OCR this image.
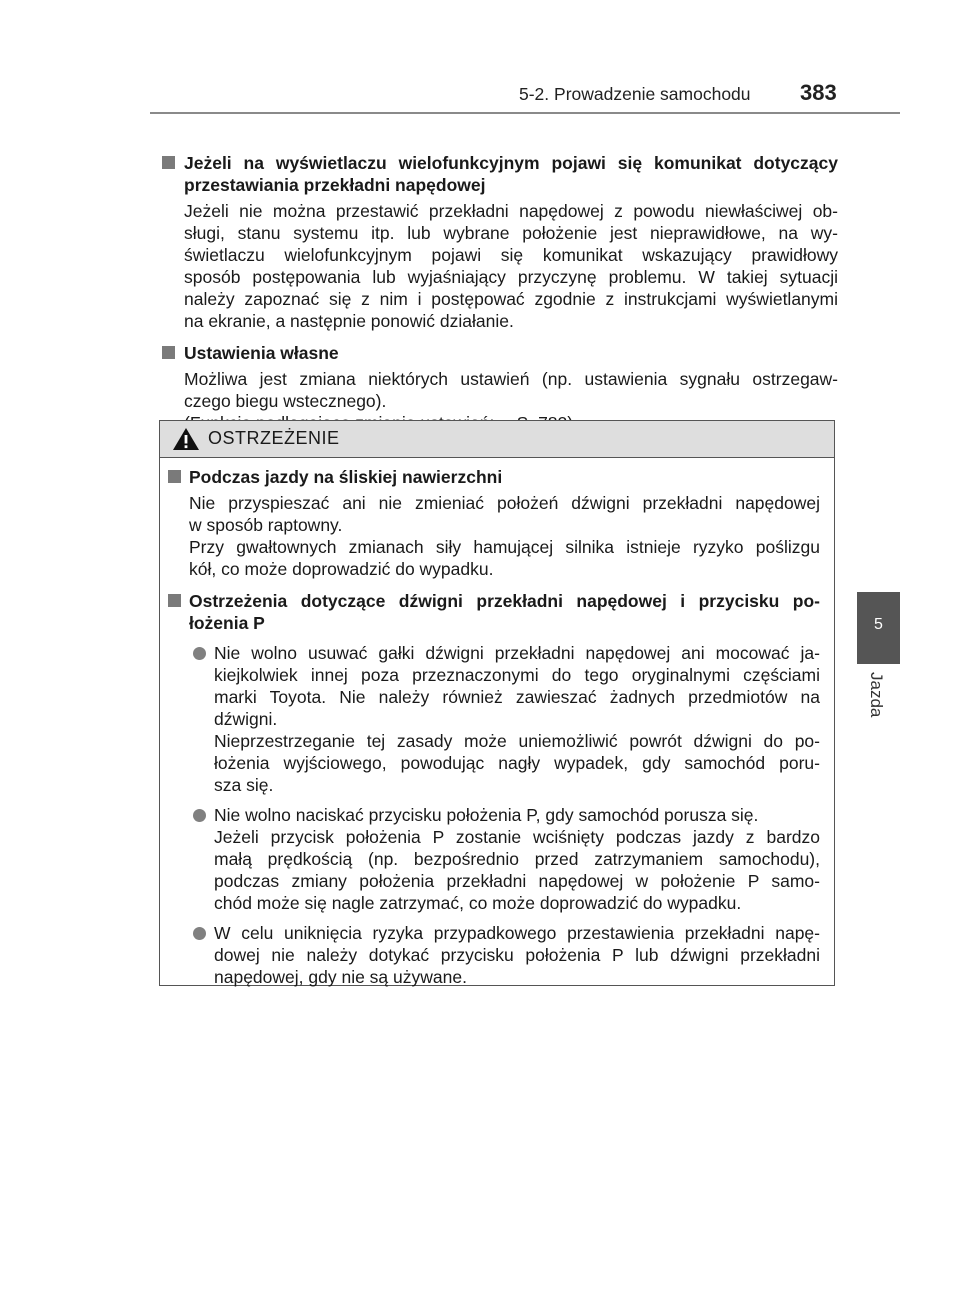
5-2. Prowadzenie samochodu 383
5
Jazda
Jeżeli na wyświetlaczu wielofunkcyjnym pojawi się komunikat dotyczący
przestawiania przekładni napędowej
Jeżeli nie można przestawić przekładni napędowej z powodu niewłaściwej ob-
sługi, stanu systemu itp. lub wybrane położenie jest nieprawidłowe, na wy-
świetlaczu wielofunkcyjnym pojawi się komunikat wskazujący prawidłowy
sposób postępowania lub wyjaśniający przyczynę problemu. W takiej sytuacji
należy zapoznać się z nim i postępować zgodnie z instrukcjami wyświetlanymi
na ekranie, a następnie ponowić działanie.
Ustawienia własne
Możliwa jest zmiana niektórych ustawień (np. ustawienia sygnału ostrzegaw-
czego biegu wstecznego).
OSTRZEŻENIE
Podczas jazdy na śliskiej nawierzchni
Nie przyspieszać ani nie zmieniać położeń dźwigni przekładni napędowej
w sposób raptowny.
Przy gwałtownych zmianach siły hamującej silnika istnieje ryzyko poślizgu
kół, co może doprowadzić do wypadku.
Ostrzeżenia dotyczące dźwigni przekładni napędowej i przycisku po-
łożenia P
Nie wolno usuwać gałki dźwigni przekładni napędowej ani mocować ja-
kiejkolwiek innej poza przeznaczonymi do tego oryginalnymi częściami
marki Toyota. Nie należy również zawieszać żadnych przedmiotów na
dźwigni.
Nieprzestrzeganie tej zasady może uniemożliwić powrót dźwigni do po-
łożenia wyjściowego, powodując nagły wypadek, gdy samochód poru-
sza się.
Nie wolno naciskać przycisku położenia P, gdy samochód porusza się.
Jeżeli przycisk położenia P zostanie wciśnięty podczas jazdy z bardzo
małą prędkością (np. bezpośrednio przed zatrzymaniem samochodu),
podczas zmiany położenia przekładni napędowej w położenie P samo-
chód może się nagle zatrzymać, co może doprowadzić do wypadku.
W celu uniknięcia ryzyka przypadkowego przestawienia przekładni napę-
dowej nie należy dotykać przycisku położenia P lub dźwigni przekładni
napędowej, gdy nie są używane.
